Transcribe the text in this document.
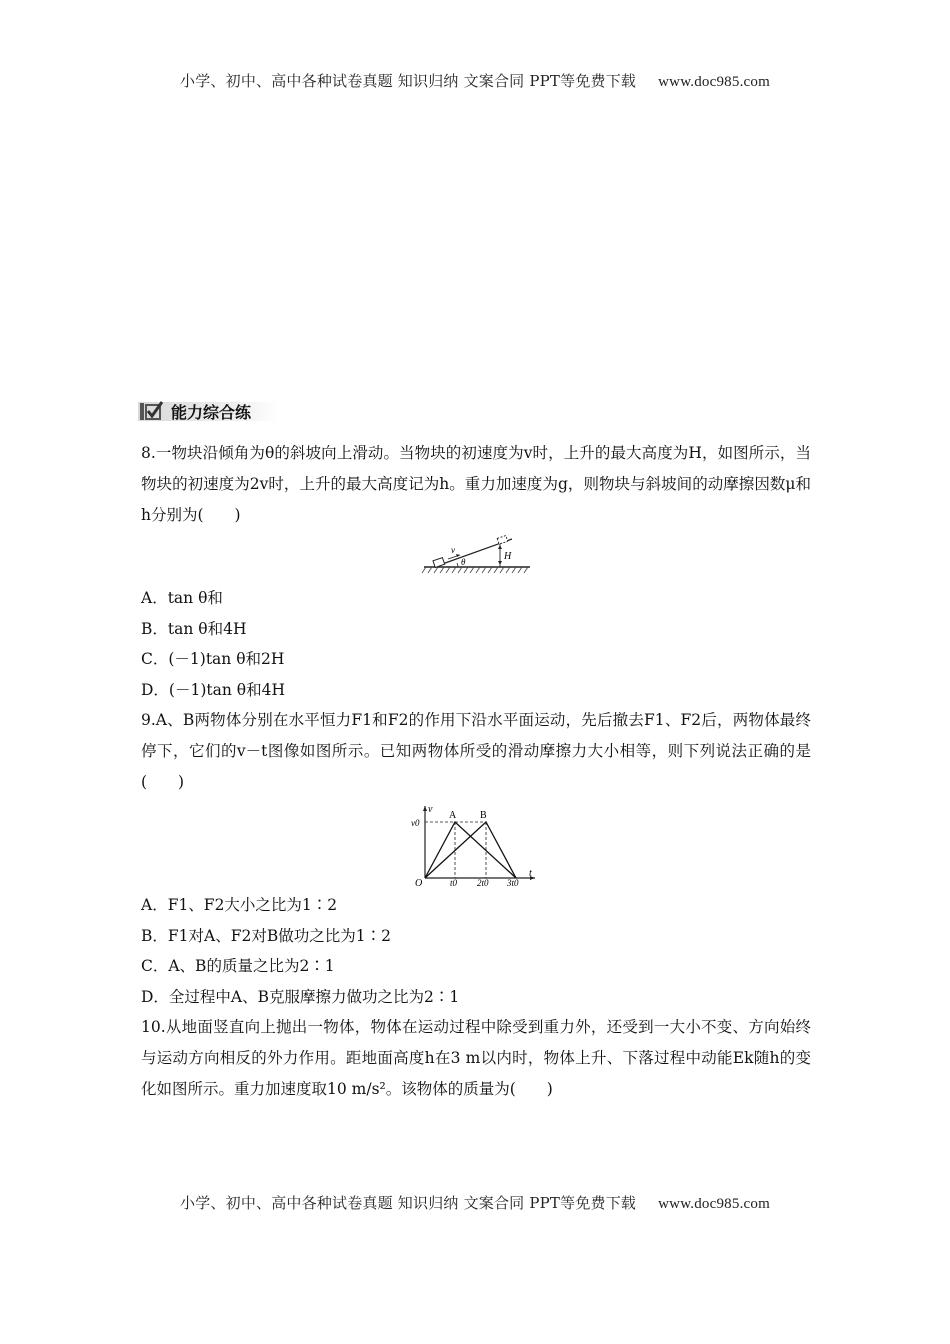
小学、初中、高中各种试卷真题 知识归纳 文案合同 PPT等免费下载 www.doc985.com
能力综合练

8.一物块沿倾角为θ的斜坡向上滑动。当物块的初速度为v时，上升的最大高度为H，如图所示，当物块的初速度为2v时，上升的最大高度记为h。重力加速度为g，则物块与斜坡间的动摩擦因数μ和h分别为(　　)

v
θ	H

A．tan θ和

B．tan θ和4H

C．(－1)tan θ和2H

D．(－1)tan θ和4H

9.A、B两物体分别在水平恒力F1和F2的作用下沿水平面运动，先后撤去F1、F2后，两物体最终停下，它们的v－t图像如图所示。已知两物体所受的滑动摩擦力大小相等，则下列说法正确的是(　　)

v
t
O
v0
A B
t0 2t0 3t0

A．F1、F2大小之比为1∶2

B．F1对A、F2对B做功之比为1∶2

C．A、B的质量之比为2∶1

D．全过程中A、B克服摩擦力做功之比为2∶1

10.从地面竖直向上抛出一物体，物体在运动过程中除受到重力外，还受到一大小不变、方向始终与运动方向相反的外力作用。距地面高度h在3 m以内时，物体上升、下落过程中动能Ek随h的变化如图所示。重力加速度取10 m/s²。该物体的质量为(　　)

小学、初中、高中各种试卷真题 知识归纳 文案合同 PPT等免费下载 www.doc985.com
